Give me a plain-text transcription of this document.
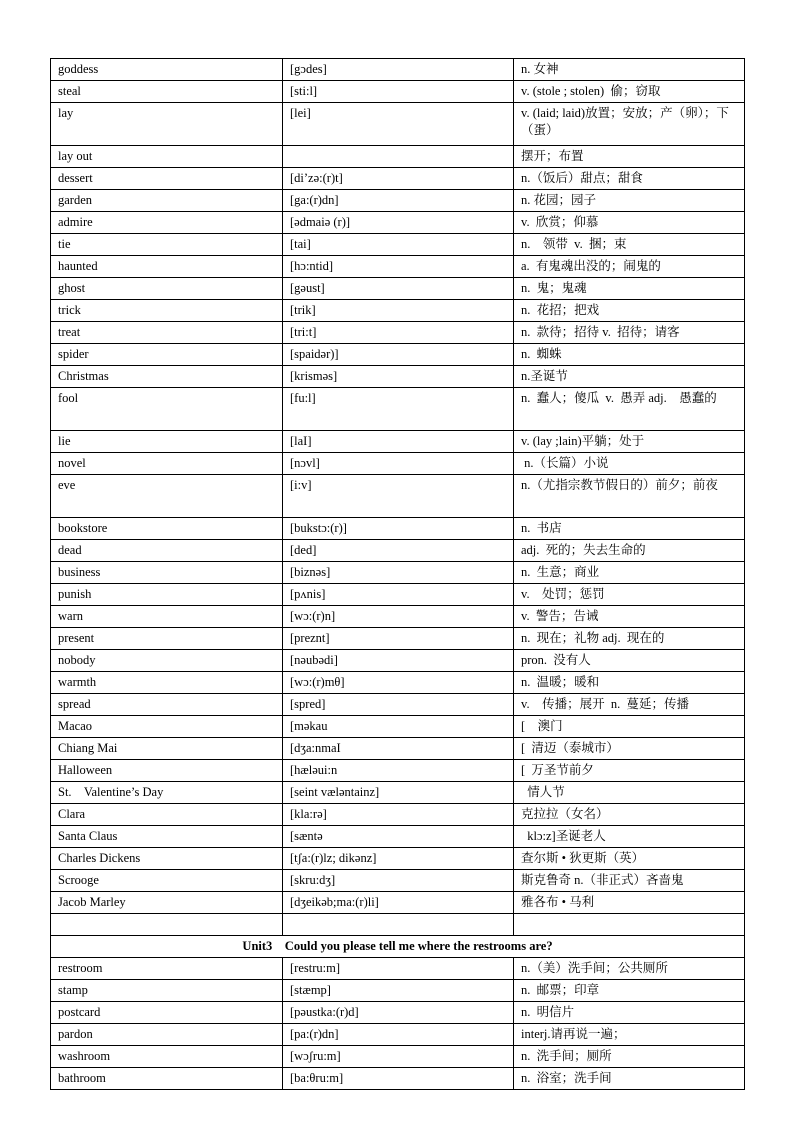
goddess	[gɔdes]	n. 女神
steal	[sti:l]	v. (stole ; stolen)  偷；窃取
lay	[lei]	v. (laid; laid)放置；安放；产（卵）；下（蛋）
lay out		摆开；布置
dessert	[di’zə:(r)t]	n.（饭后）甜点；甜食
garden	[ga:(r)dn]	n. 花园；园子
admire	[ədmaiə (r)]	v.  欣赏；仰慕
tie	[tai]	n.    领带  v.  捆；束
haunted	[hɔ:ntid]	a.  有鬼魂出没的；闹鬼的
ghost	[gəust]	n.  鬼；鬼魂
trick	[trik]	n.  花招；把戏
treat	[tri:t]	n.  款待；招待 v.  招待；请客
spider	[spaidər)]	n.  蜘蛛
Christmas	[krisməs]	n.圣诞节
fool	[fu:l]	n.  蠢人；傻瓜  v.  愚弄 adj.    愚蠢的
lie	[laI]	v. (lay ;lain)平躺；处于
novel	[nɔvl]	n.（长篇）小说
eve	[i:v]	n.（尤指宗教节假日的）前夕；前夜
bookstore	[bukstɔ:(r)]	n.  书店
dead	[ded]	adj.  死的；失去生命的
business	[biznəs]	n.  生意；商业
punish	[pʌnis]	v.    处罚；惩罚
warn	[wɔ:(r)n]	v.  警告；告诫
present	[preznt]	n.  现在；礼物 adj.  现在的
nobody	[nəubədi]	pron.  没有人
warmth	[wɔ:(r)mθ]	n.  温暖；暖和
spread	[spred]	v.    传播；展开  n.  蔓延；传播
Macao	[məkau	[    澳门
Chiang Mai	[dʒa:nmaI	[  清迈（泰城市）
Halloween	[hæləui:n	[  万圣节前夕
St.    Valentine’s Day	[seint væləntainz]	情人节
Clara	[kla:rə]	克拉拉（女名）
Santa Claus	[sæntə	klɔ:z]圣诞老人
Charles Dickens	[tʃa:(r)lz; dikənz]	查尔斯 • 狄更斯（英）
Scrooge	[skru:dʒ]	斯克鲁奇 n.（非正式）吝啬鬼
Jacob Marley	[dʒeikəb;ma:(r)li]	雅各布 • 马利

Unit3    Could you please tell me where the restrooms are?		
restroom	[restru:m]	n.（美）洗手间；公共厕所
stamp	[stæmp]	n.  邮票；印章
postcard	[pəustka:(r)d]	n.  明信片
pardon	[pa:(r)dn]	interj.请再说一遍；
washroom	[wɔʃru:m]	n.  洗手间；厕所
bathroom	[ba:θru:m]	n.  浴室；洗手间
